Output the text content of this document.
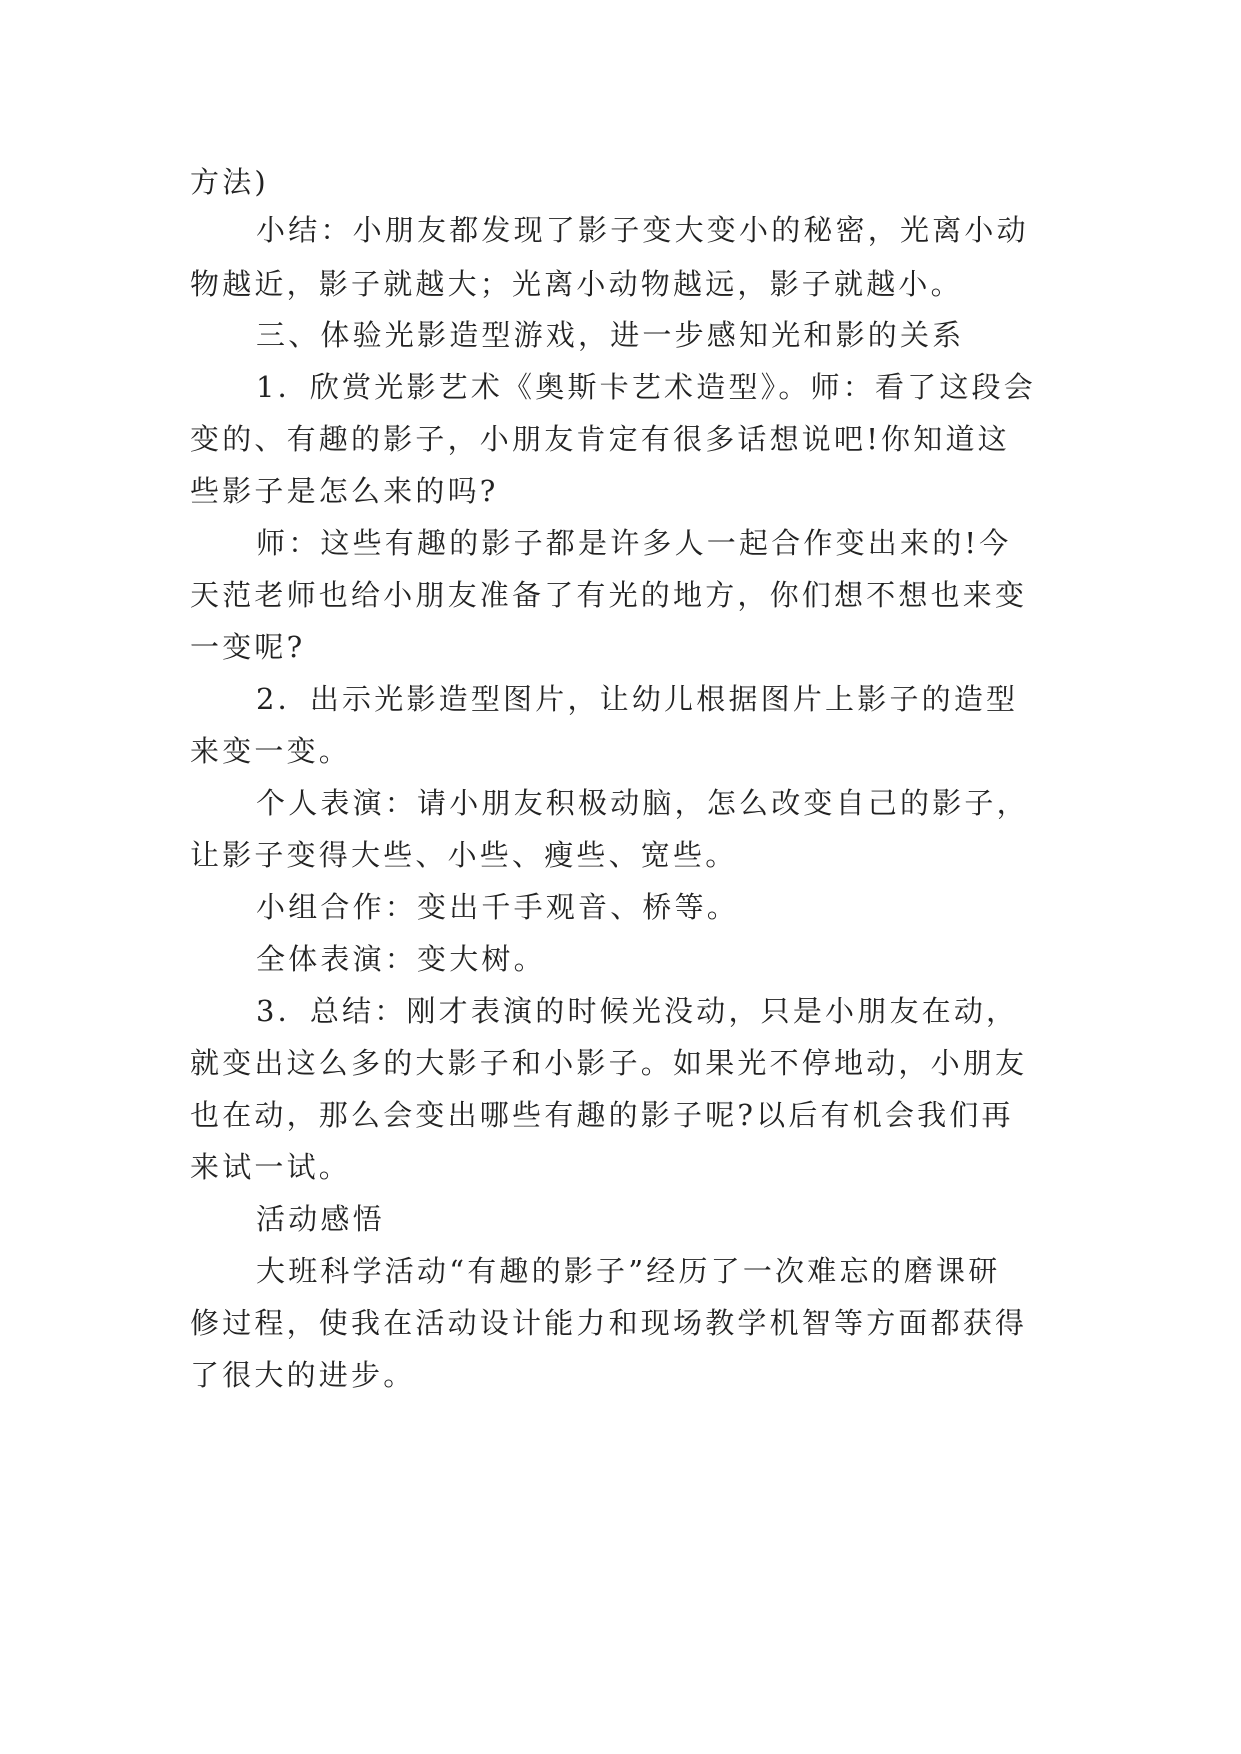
方法)
小结：小朋友都发现了影子变大变小的秘密，光离小动
物越近，影子就越大；光离小动物越远，影子就越小。
三、体验光影造型游戏，进一步感知光和影的关系
1．欣赏光影艺术《奥斯卡艺术造型》。师：看了这段会
变的、有趣的影子，小朋友肯定有很多话想说吧!你知道这
些影子是怎么来的吗?
师：这些有趣的影子都是许多人一起合作变出来的!今
天范老师也给小朋友准备了有光的地方，你们想不想也来变
一变呢?
2．出示光影造型图片，让幼儿根据图片上影子的造型
来变一变。
个人表演：请小朋友积极动脑，怎么改变自己的影子，
让影子变得大些、小些、瘦些、宽些。
小组合作：变出千手观音、桥等。
全体表演：变大树。
3．总结：刚才表演的时候光没动，只是小朋友在动，
就变出这么多的大影子和小影子。如果光不停地动，小朋友
也在动，那么会变出哪些有趣的影子呢?以后有机会我们再
来试一试。
活动感悟
大班科学活动“有趣的影子”经历了一次难忘的磨课研
修过程，使我在活动设计能力和现场教学机智等方面都获得
了很大的进步。
